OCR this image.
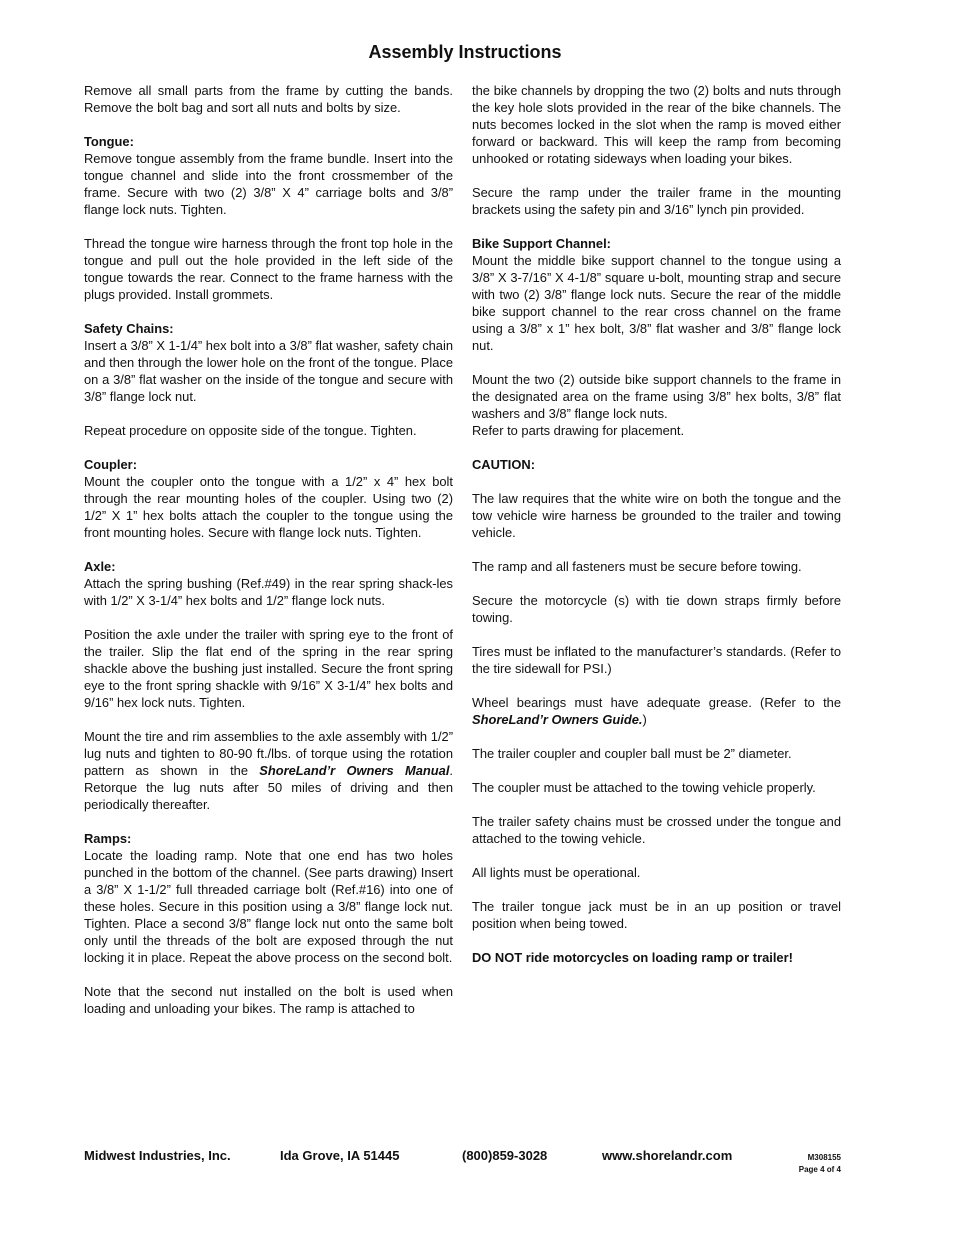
Assembly Instructions

Remove all small parts from the frame by cutting the bands. Remove the bolt bag and sort all nuts and bolts by size.

Tongue:
Remove tongue assembly from the frame bundle. Insert into the tongue channel and slide into the front crossmember of the frame. Secure with two (2) 3/8” X 4” carriage bolts and 3/8” flange lock nuts. Tighten.

Thread the tongue wire harness through the front top hole in the tongue and pull out the hole provided in the left side of the tongue towards the rear. Connect to the frame harness with the plugs provided. Install grommets.

Safety Chains:
Insert a 3/8” X 1-1/4” hex bolt into a 3/8” flat washer, safety chain and then through the lower hole on the front of the tongue. Place on a 3/8” flat washer on the inside of the tongue and secure with 3/8” flange lock nut.

Repeat procedure on opposite side of the tongue. Tighten.

Coupler:
Mount the coupler onto the tongue with a 1/2” x 4” hex bolt through the rear mounting holes of the coupler. Using two (2) 1/2” X 1” hex bolts attach the coupler to the tongue using the front mounting holes. Secure with flange lock nuts. Tighten.

Axle:
Attach the spring bushing (Ref.#49) in the rear spring shack-les with 1/2” X 3-1/4” hex bolts and 1/2” flange lock nuts.

Position the axle under the trailer with spring eye to the front of the trailer. Slip the flat end of the spring in the rear spring shackle above the bushing just installed. Secure the front spring eye to the front spring shackle with 9/16” X 3-1/4” hex bolts and 9/16” hex lock nuts. Tighten.

Mount the tire and rim assemblies to the axle assembly with 1/2” lug nuts and tighten to 80-90 ft./lbs. of torque using the rotation pattern as shown in the ShoreLand’r Owners Manual. Retorque the lug nuts after 50 miles of driving and then periodically thereafter.

Ramps:
Locate the loading ramp. Note that one end has two holes punched in the bottom of the channel. (See parts drawing) Insert a 3/8” X 1-1/2” full threaded carriage bolt (Ref.#16) into one of these holes. Secure in this position using a 3/8” flange lock nut. Tighten. Place a second 3/8” flange lock nut onto the same bolt only until the threads of the bolt are exposed through the nut locking it in place. Repeat the above process on the second bolt.

Note that the second nut installed on the bolt is used when loading and unloading your bikes. The ramp is attached to

the bike channels by dropping the two (2) bolts and nuts through the key hole slots provided in the rear of the bike channels. The nuts becomes locked in the slot when the ramp is moved either forward or backward. This will keep the ramp from becoming unhooked or rotating sideways when loading your bikes.

Secure the ramp under the trailer frame in the mounting brackets using the safety pin and 3/16” lynch pin provided.

Bike Support Channel:
Mount the middle bike support channel to the tongue using a 3/8” X 3-7/16” X 4-1/8” square u-bolt, mounting strap and secure with two (2) 3/8” flange lock nuts. Secure the rear of the middle bike support channel to the rear cross channel on the frame using a 3/8” x 1” hex bolt, 3/8” flat washer and 3/8” flange lock nut.

Mount the two (2) outside bike support channels to the frame in the designated area on the frame using 3/8” hex bolts, 3/8” flat washers and 3/8” flange lock nuts.
Refer to parts drawing for placement.

CAUTION:

The law requires that the white wire on both the tongue and the tow vehicle wire harness be grounded to the trailer and towing vehicle.

The ramp and all fasteners must be secure before towing.

Secure the motorcycle (s) with tie down straps firmly before towing.

Tires must be inflated to the manufacturer’s standards. (Refer to the tire sidewall for PSI.)

Wheel bearings must have adequate grease. (Refer to the ShoreLand’r Owners Guide.)

The trailer coupler and coupler ball must be 2” diameter.

The coupler must be attached to the towing vehicle properly.

The trailer safety chains must be crossed under the tongue and attached to the towing vehicle.

All lights must be operational.

The trailer tongue jack must be in an up position or travel position when being towed.

DO NOT ride motorcycles on loading ramp or trailer!

Midwest Industries, Inc.	Ida Grove, IA 51445	(800)859-3028	www.shorelandr.com	M308155
Page 4 of 4
